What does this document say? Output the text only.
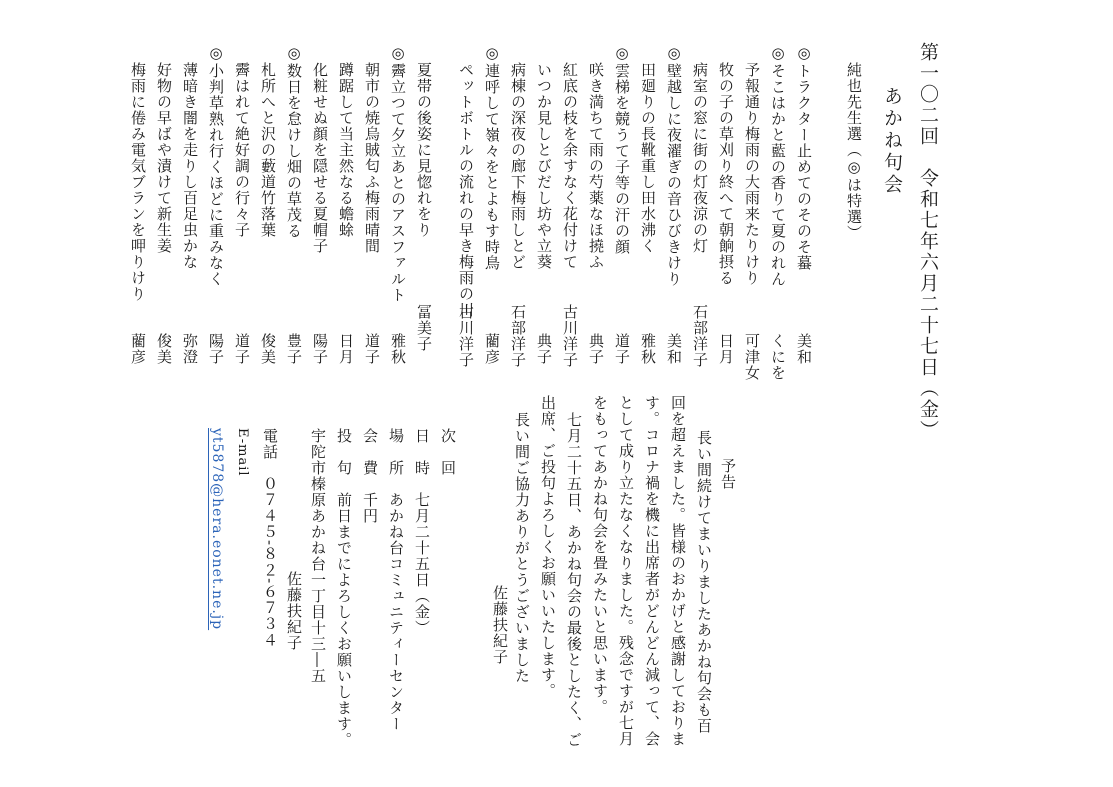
第一〇二回　令和七年六月二十七日（金）
あかね句会
純也先生選（◎は特選）
◎トラクター止めてのそのそ蟇
美和
◎そこはかと藍の香りて夏のれん
くにを
予報通り梅雨の大雨来たりけり
可津女
牧の子の草刈り終へて朝餉摂る
日月
病室の窓に街の灯夜涼の灯
石部洋子
◎壁越しに夜濯ぎの音ひびきけり
美和
田廻りの長靴重し田水沸く
雅秋
◎雲梯を競うて子等の汗の顔
道子
咲き満ちて雨の芍薬なほ撓ふ
典子
紅底の枝を余すなく花付けて
古川洋子
いつか見しとびだし坊や立葵
典子
病棟の深夜の廊下梅雨しとど
石部洋子
◎連呼して嶺々をとよもす時鳥
藺彦
ペットボトルの流れの早き梅雨の川
古川洋子
夏帯の後姿に見惚れをり
冨美子
◎霽立つて夕立あとのアスファルト
雅秋
朝市の焼烏賊匂ふ梅雨晴間
道子
蹲踞して当主然なる蟾蜍
日月
化粧せぬ顔を隠せる夏帽子
陽子
◎数日を怠けし畑の草茂る
豊子
札所へと沢の藪道竹落葉
俊美
霽はれて絶好調の行々子
道子
◎小判草熟れ行くほどに重みなく
陽子
薄暗き闇を走りし百足虫かな
弥澄
好物の早ばや漬けて新生姜
俊美
梅雨に倦み電気ブランを呷りけり
藺彦
予告
長い間続けてまいりましたあかね句会も百
回を超えました。皆様のおかげと感謝しておりま
す。コロナ禍を機に出席者がどんどん減って、会
として成り立たなくなりました。残念ですが七月
をもってあかね句会を畳みたいと思います。
七月二十五日、あかね句会の最後としたく、ご
出席、ご投句よろしくお願いいたします。
長い間ご協力ありがとうございました
佐藤扶紀子
次　回
日　時　七月二十五日（金）
場　所　あかね台コミュニティーセンター
会　費　千円
投　句　前日までによろしくお願いします。
宇陀市榛原あかね台一丁目十三―五
佐藤扶紀子
電話　０７４５-８２-６７３４
E-mail
yt5878@hera.eonet.ne.jp
